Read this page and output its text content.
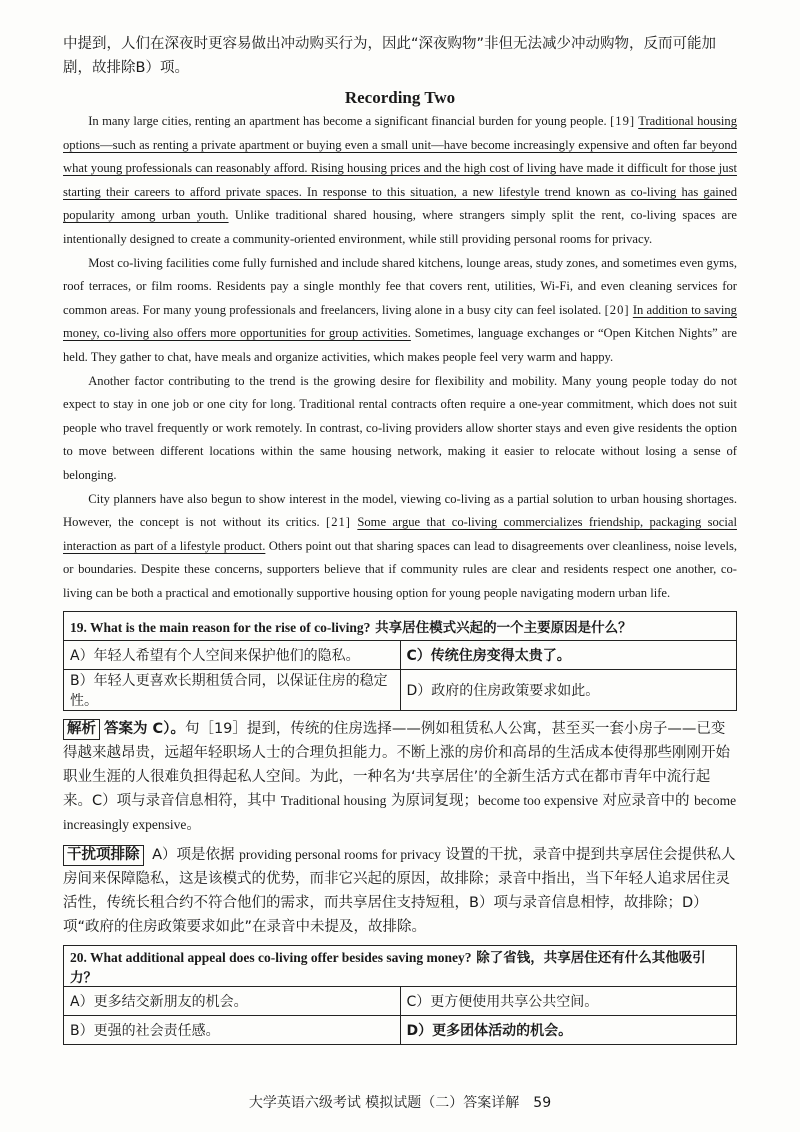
中提到，人们在深夜时更容易做出冲动购买行为，因此“深夜购物”非但无法减少冲动购物，反而可能加剧，故排除B）项。

Recording Two

In many large cities, renting an apartment has become a significant financial burden for young people. [19] Traditional housing options—such as renting a private apartment or buying even a small unit—have become increasingly expensive and often far beyond what young professionals can reasonably afford. Rising housing prices and the high cost of living have made it difficult for those just starting their careers to afford private spaces. In response to this situation, a new lifestyle trend known as co-living has gained popularity among urban youth. Unlike traditional shared housing, where strangers simply split the rent, co-living spaces are intentionally designed to create a community-oriented environment, while still providing personal rooms for privacy.

Most co-living facilities come fully furnished and include shared kitchens, lounge areas, study zones, and sometimes even gyms, roof terraces, or film rooms. Residents pay a single monthly fee that covers rent, utilities, Wi-Fi, and even cleaning services for common areas. For many young professionals and freelancers, living alone in a busy city can feel isolated. [20] In addition to saving money, co-living also offers more opportunities for group activities. Sometimes, language exchanges or “Open Kitchen Nights” are held. They gather to chat, have meals and organize activities, which makes people feel very warm and happy.

Another factor contributing to the trend is the growing desire for flexibility and mobility. Many young people today do not expect to stay in one job or one city for long. Traditional rental contracts often require a one-year commitment, which does not suit people who travel frequently or work remotely. In contrast, co-living providers allow shorter stays and even give residents the option to move between different locations within the same housing network, making it easier to relocate without losing a sense of belonging.

City planners have also begun to show interest in the model, viewing co-living as a partial solution to urban housing shortages. However, the concept is not without its critics. [21] Some argue that co-living commercializes friendship, packaging social interaction as part of a lifestyle product. Others point out that sharing spaces can lead to disagreements over cleanliness, noise levels, or boundaries. Despite these concerns, supporters believe that if community rules are clear and residents respect one another, co-living can be both a practical and emotionally supportive housing option for young people navigating modern urban life.

19. What is the main reason for the rise of co-living? 共享居住模式兴起的一个主要原因是什么？	
A）年轻人希望有个人空间来保护他们的隐私。	C）传统住房变得太贵了。
B）年轻人更喜欢长期租赁合同，以保证住房的稳定性。	D）政府的住房政策要求如此。

解析 答案为 C）。句［19］提到，传统的住房选择——例如租赁私人公寓，甚至买一套小房子——已变得越来越昂贵，远超年轻职场人士的合理负担能力。不断上涨的房价和高昂的生活成本使得那些刚刚开始职业生涯的人很难负担得起私人空间。为此，一种名为‘共享居住’的全新生活方式在都市青年中流行起来。C）项与录音信息相符，其中 Traditional housing 为原词复现；become too expensive 对应录音中的 become increasingly expensive。

干扰项排除 A）项是依据 providing personal rooms for privacy 设置的干扰，录音中提到共享居住会提供私人房间来保障隐私，这是该模式的优势，而非它兴起的原因，故排除；录音中指出，当下年轻人追求居住灵活性，传统长租合约不符合他们的需求，而共享居住支持短租，B）项与录音信息相悖，故排除；D）项“政府的住房政策要求如此”在录音中未提及，故排除。

20. What additional appeal does co-living offer besides saving money? 除了省钱，共享居住还有什么其他吸引力？	
A）更多结交新朋友的机会。	C）更方便使用共享公共空间。
B）更强的社会责任感。	D）更多团体活动的机会。
大学英语六级考试 模拟试题（二）答案详解　59
